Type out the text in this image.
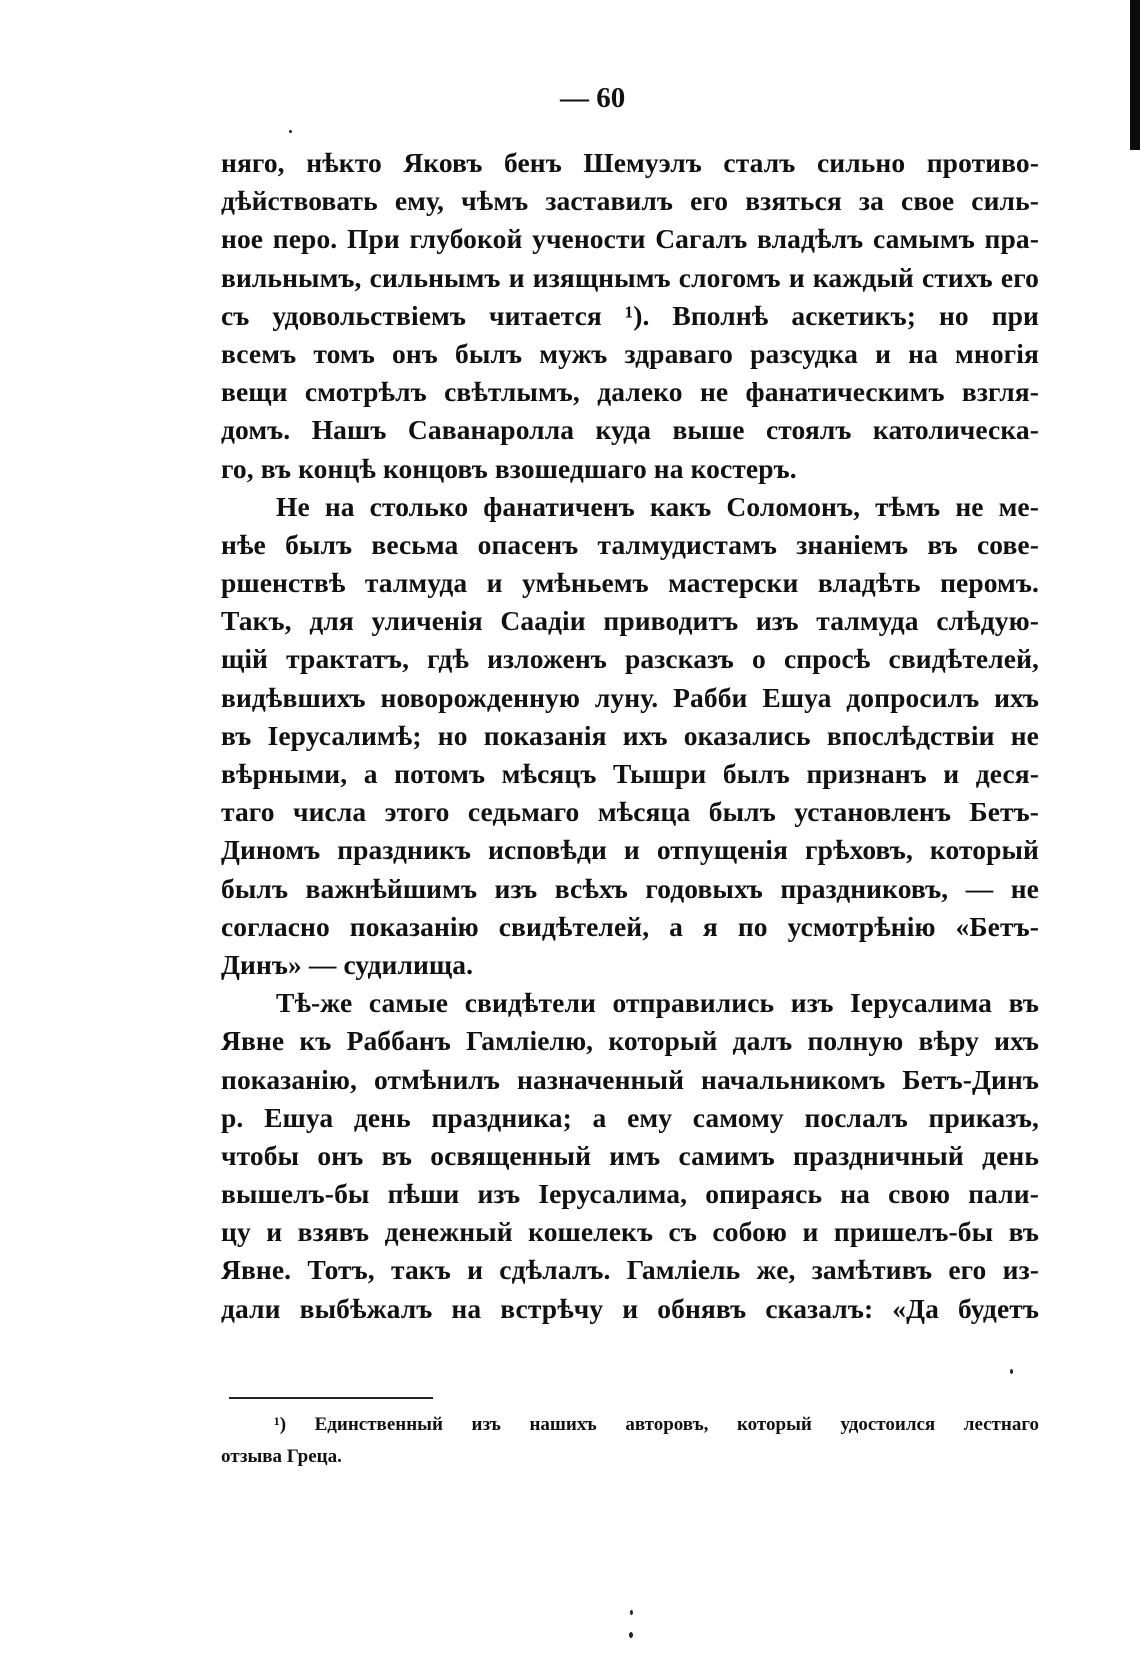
— 60
няго, нѣкто Яковъ бенъ Шемуэлъ сталъ сильно противо-
дѣйствовать ему, чѣмъ заставилъ его взяться за свое силь-
ное перо. При глубокой учености Сагалъ владѣлъ самымъ пра-
вильнымъ, сильнымъ и изящнымъ слогомъ и каждый стихъ его
съ удовольствіемъ читается ¹). Вполнѣ аскетикъ; но при
всемъ томъ онъ былъ мужъ здраваго разсудка и на многія
вещи смотрѣлъ свѣтлымъ, далеко не фанатическимъ взгля-
домъ. Нашъ Саванаролла куда выше стоялъ католическа-
го, въ концѣ концовъ взошедшаго на костеръ.
Не на столько фанатиченъ какъ Соломонъ, тѣмъ не ме-
нѣе былъ весьма опасенъ талмудистамъ знаніемъ въ сове-
ршенствѣ талмуда и умѣньемъ мастерски владѣть перомъ.
Такъ, для уличенія Саадіи приводитъ изъ талмуда слѣдую-
щій трактатъ, гдѣ изложенъ разсказъ о спросѣ свидѣтелей,
видѣвшихъ новорожденную луну. Рабби Ешуа допросилъ ихъ
въ Іерусалимѣ; но показанія ихъ оказались впослѣдствіи не
вѣрными, а потомъ мѣсяцъ Тышри былъ признанъ и деся-
таго числа этого седьмаго мѣсяца былъ установленъ Бетъ-
Диномъ праздникъ исповѣди и отпущенія грѣховъ, который
былъ важнѣйшимъ изъ всѣхъ годовыхъ праздниковъ, — не
согласно показанію свидѣтелей, а я по усмотрѣнію «Бетъ-
Динъ» — судилища.
Тѣ-же самые свидѣтели отправились изъ Іерусалима въ
Явне къ Раббанъ Гамліелю, который далъ полную вѣру ихъ
показанію, отмѣнилъ назначенный начальникомъ Бетъ-Динъ
р. Ешуа день праздника; а ему самому послалъ приказъ,
чтобы онъ въ освященный имъ самимъ праздничный день
вышелъ-бы пѣши изъ Іерусалима, опираясь на свою пали-
цу и взявъ денежный кошелекъ съ собою и пришелъ-бы въ
Явне. Тотъ, такъ и сдѣлалъ. Гамліель же, замѣтивъ его из-
дали выбѣжалъ на встрѣчу и обнявъ сказалъ: «Да будетъ
¹) Единственный изъ нашихъ авторовъ, который удостоился лестнаго
отзыва Греца.
